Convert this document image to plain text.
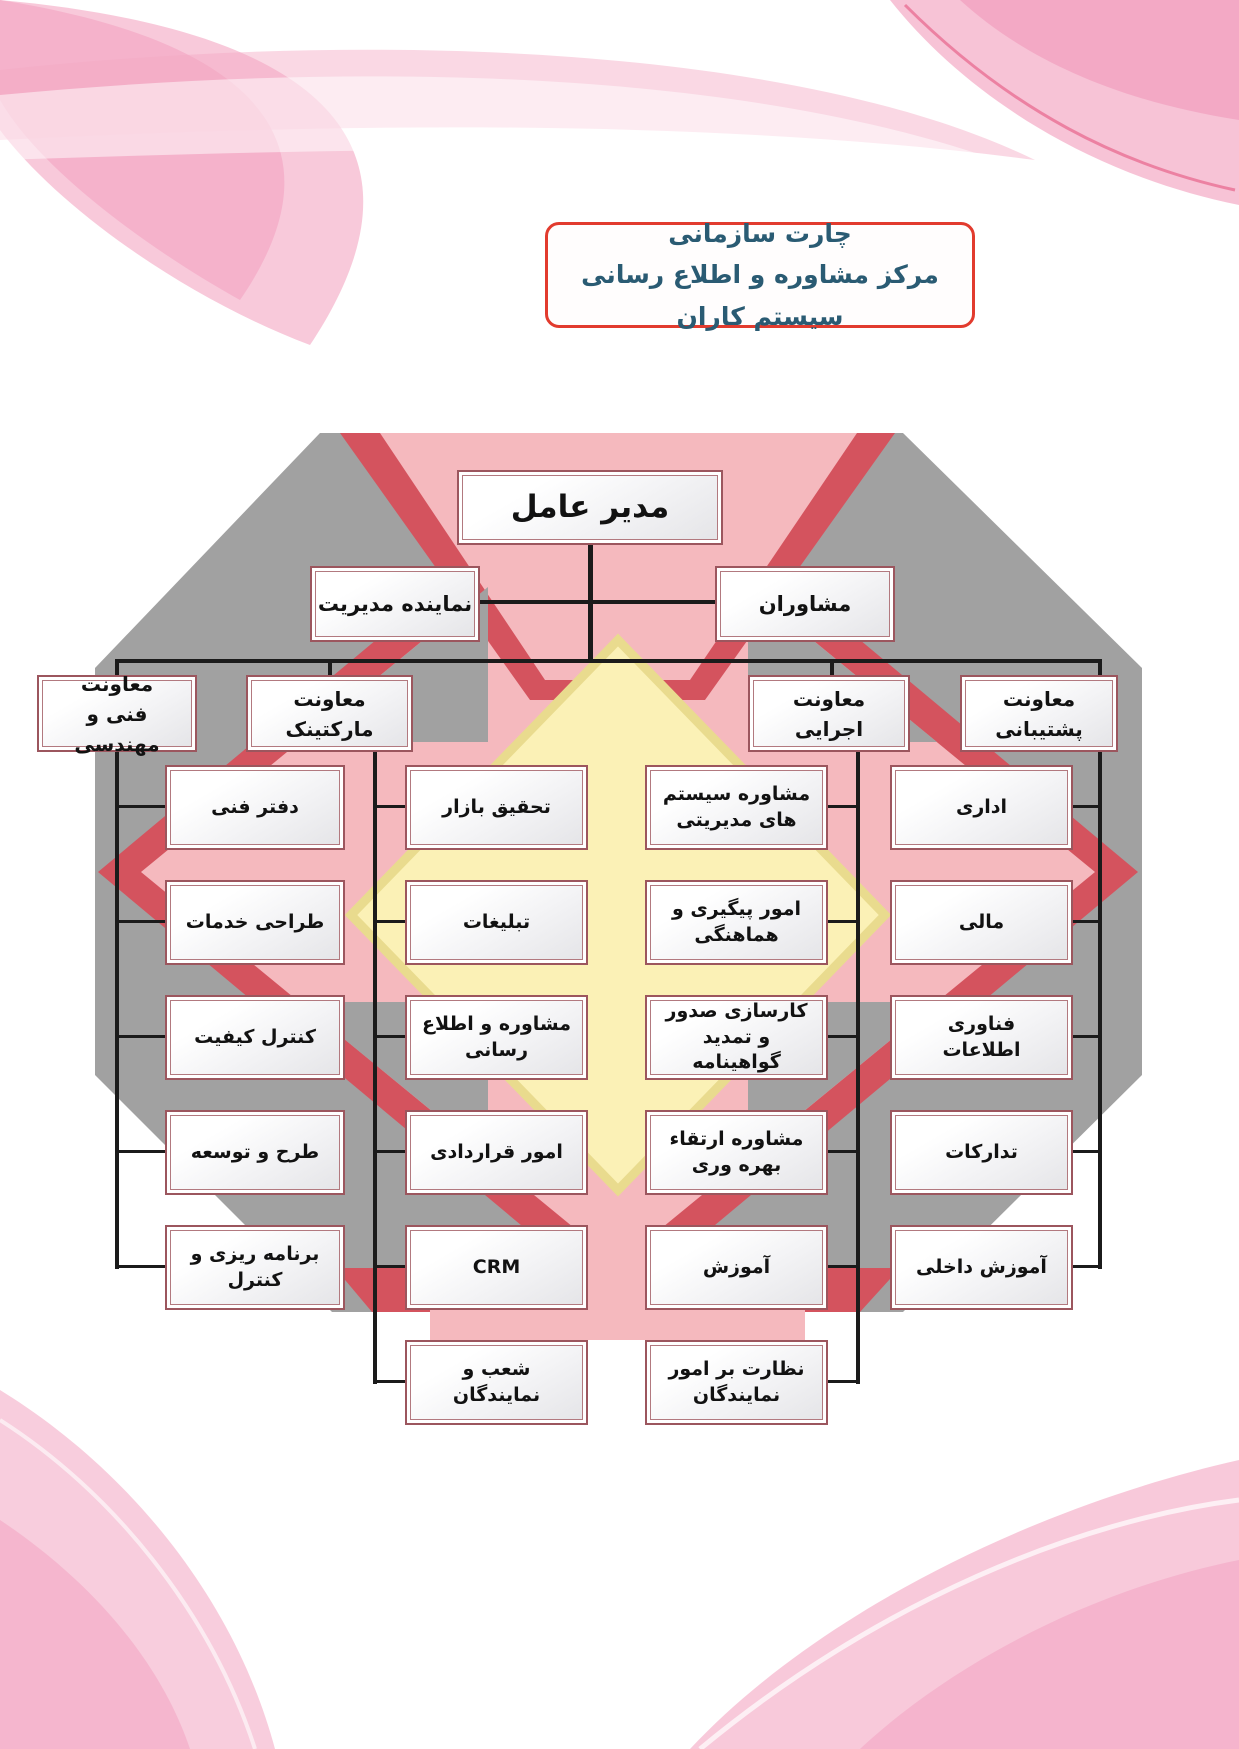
چارت سازمانی
مرکز مشاوره و اطلاع رسانی سیستم کاران
مدیر عامل
نماینده مدیریت	مشاوران
معاونت
فنی و مهندسی
معاونت
مارکتینک
معاونت
اجرایی
معاونت
پشتیبانی
دفتر فنی
طراحی خدمات
کنترل کیفیت
طرح و توسعه
برنامه ریزی و کنترل
تحقیق بازار
تبلیغات
مشاوره و اطلاع رسانی
امور قراردادی
CRM
شعب و نمایندگان
مشاوره سیستم های مدیریتی
امور پیگیری و هماهنگی
کارسازی صدور و تمدید گواهینامه
مشاوره ارتقاء بهره وری
آموزش
نظارت بر امور نمایندگان
اداری
مالی
فناوری اطلاعات
تدارکات
آموزش داخلی
